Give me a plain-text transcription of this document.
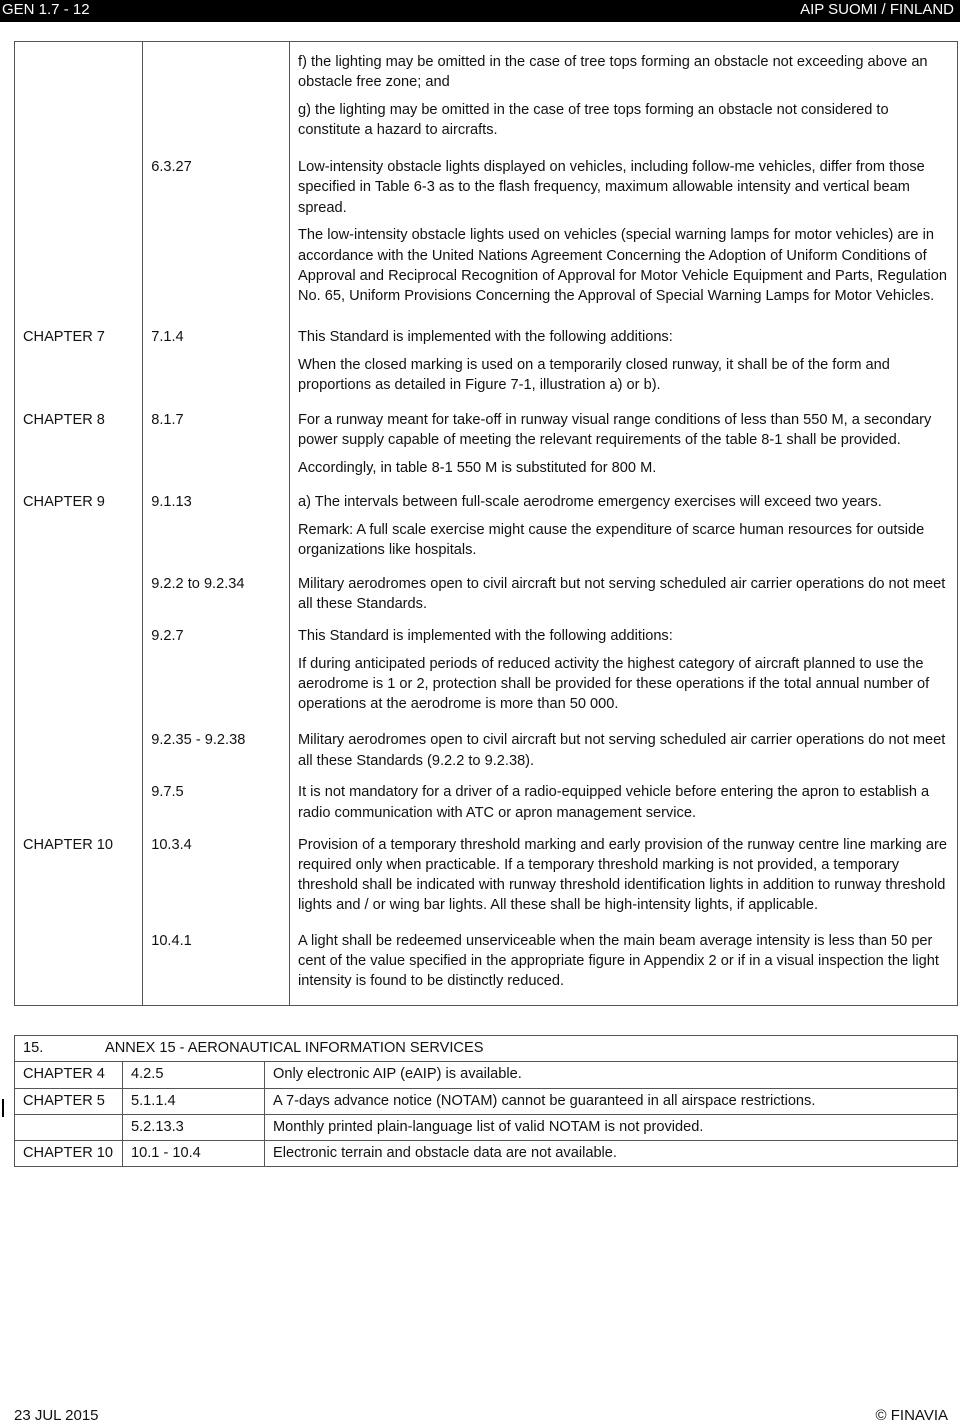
GEN 1.7 - 12	AIP SUOMI / FINLAND

		f) the lighting may be omitted in the case of tree tops forming an obstacle not exceeding above an obstacle free zone; and

g) the lighting may be omitted in the case of tree tops forming an obstacle not considered to constitute a hazard to aircrafts.

	6.3.27	Low-intensity obstacle lights displayed on vehicles, including follow-me vehicles, differ from those specified in Table 6-3 as to the flash frequency, maximum allowable intensity and vertical beam spread.

The low-intensity obstacle lights used on vehicles (special warning lamps for motor vehicles) are in accordance with the United Nations Agreement Concerning the Adoption of Uniform Conditions of Approval and Reciprocal Recognition of Approval for Motor Vehicle Equipment and Parts, Regulation No. 65, Uniform Provisions Concerning the Approval of Special Warning Lamps for Motor Vehicles.

CHAPTER 7	7.1.4	This Standard is implemented with the following additions:

When the closed marking is used on a temporarily closed runway, it shall be of the form and proportions as detailed in Figure 7-1, illustration a) or b).

CHAPTER 8	8.1.7	For a runway meant for take-off in runway visual range conditions of less than 550 M, a secondary power supply capable of meeting the relevant requirements of the table 8-1 shall be provided.

Accordingly, in table 8-1 550 M is substituted for 800 M.

CHAPTER 9	9.1.13	a) The intervals between full-scale aerodrome emergency exercises will exceed two years.

Remark: A full scale exercise might cause the expenditure of scarce human resources for outside organizations like hospitals.

	9.2.2 to 9.2.34	Military aerodromes open to civil aircraft but not serving scheduled air carrier operations do not meet all these Standards.

	9.2.7	This Standard is implemented with the following additions:

If during anticipated periods of reduced activity the highest category of aircraft planned to use the aerodrome is 1 or 2, protection shall be provided for these operations if the total annual number of operations at the aerodrome is more than 50 000.

	9.2.35 - 9.2.38	Military aerodromes open to civil aircraft but not serving scheduled air carrier operations do not meet all these Standards (9.2.2 to 9.2.38).

	9.7.5	It is not mandatory for a driver of a radio-equipped vehicle before entering the apron to establish a radio communication with ATC or apron management service.

CHAPTER 10	10.3.4	Provision of a temporary threshold marking and early provision of the runway centre line marking are required only when practicable. If a temporary threshold marking is not provided, a temporary threshold shall be indicated with runway threshold identification lights in addition to runway threshold lights and / or wing bar lights. All these shall be high-intensity lights, if applicable.

	10.4.1	A light shall be redeemed unserviceable when the main beam average intensity is less than 50 per cent of the value specified in the appropriate figure in Appendix 2 or if in a visual inspection the light intensity is found to be distinctly reduced.

15. ANNEX 15 - AERONAUTICAL INFORMATION SERVICES		
CHAPTER 4	4.2.5	Only electronic AIP (eAIP) is available.
CHAPTER 5	5.1.1.4	A 7-days advance notice (NOTAM) cannot be guaranteed in all airspace restrictions.
	5.2.13.3	Monthly printed plain-language list of valid NOTAM is not provided.
CHAPTER 10	10.1 - 10.4	Electronic terrain and obstacle data are not available.
23 JUL 2015	© FINAVIA
